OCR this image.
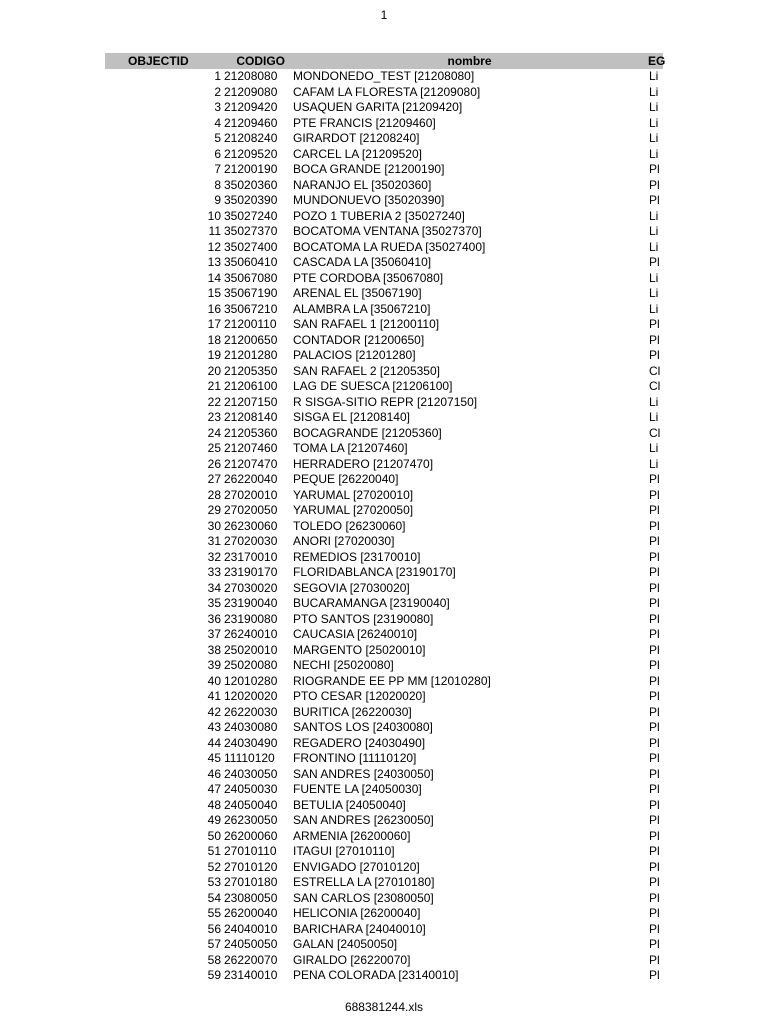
1
OBJECTID	CODIGO	nombre	EG
1 21208080	MONDONEDO_TEST [21208080]	Li
2 21209080	CAFAM LA FLORESTA [21209080]	Li
3 21209420	USAQUEN GARITA [21209420]	Li
4 21209460	PTE FRANCIS [21209460]	Li
5 21208240	GIRARDOT [21208240]	Li
6 21209520	CARCEL LA [21209520]	Li
7 21200190	BOCA GRANDE [21200190]	Pl
8 35020360	NARANJO EL [35020360]	Pl
9 35020390	MUNDONUEVO [35020390]	Pl
10 35027240	POZO 1 TUBERIA 2 [35027240]	Li
11 35027370	BOCATOMA VENTANA [35027370]	Li
12 35027400	BOCATOMA LA RUEDA [35027400]	Li
13 35060410	CASCADA LA [35060410]	Pl
14 35067080	PTE CORDOBA [35067080]	Li
15 35067190	ARENAL EL [35067190]	Li
16 35067210	ALAMBRA LA [35067210]	Li
17 21200110	SAN RAFAEL 1 [21200110]	Pl
18 21200650	CONTADOR [21200650]	Pl
19 21201280	PALACIOS [21201280]	Pl
20 21205350	SAN RAFAEL 2 [21205350]	Cl
21 21206100	LAG DE SUESCA [21206100]	Cl
22 21207150	R SISGA-SITIO REPR [21207150]	Li
23 21208140	SISGA EL [21208140]	Li
24 21205360	BOCAGRANDE [21205360]	Cl
25 21207460	TOMA LA [21207460]	Li
26 21207470	HERRADERO [21207470]	Li
27 26220040	PEQUE [26220040]	Pl
28 27020010	YARUMAL [27020010]	Pl
29 27020050	YARUMAL [27020050]	Pl
30 26230060	TOLEDO [26230060]	Pl
31 27020030	ANORI [27020030]	Pl
32 23170010	REMEDIOS [23170010]	Pl
33 23190170	FLORIDABLANCA [23190170]	Pl
34 27030020	SEGOVIA [27030020]	Pl
35 23190040	BUCARAMANGA [23190040]	Pl
36 23190080	PTO SANTOS [23190080]	Pl
37 26240010	CAUCASIA [26240010]	Pl
38 25020010	MARGENTO [25020010]	Pl
39 25020080	NECHI [25020080]	Pl
40 12010280	RIOGRANDE EE PP MM [12010280]	Pl
41 12020020	PTO CESAR [12020020]	Pl
42 26220030	BURITICA [26220030]	Pl
43 24030080	SANTOS LOS [24030080]	Pl
44 24030490	REGADERO [24030490]	Pl
45 11110120	FRONTINO [11110120]	Pl
46 24030050	SAN ANDRES [24030050]	Pl
47 24050030	FUENTE LA [24050030]	Pl
48 24050040	BETULIA [24050040]	Pl
49 26230050	SAN ANDRES [26230050]	Pl
50 26200060	ARMENIA [26200060]	Pl
51 27010110	ITAGUI [27010110]	Pl
52 27010120	ENVIGADO [27010120]	Pl
53 27010180	ESTRELLA LA [27010180]	Pl
54 23080050	SAN CARLOS [23080050]	Pl
55 26200040	HELICONIA [26200040]	Pl
56 24040010	BARICHARA [24040010]	Pl
57 24050050	GALAN [24050050]	Pl
58 26220070	GIRALDO [26220070]	Pl
59 23140010	PENA COLORADA [23140010]	Pl
688381244.xls
